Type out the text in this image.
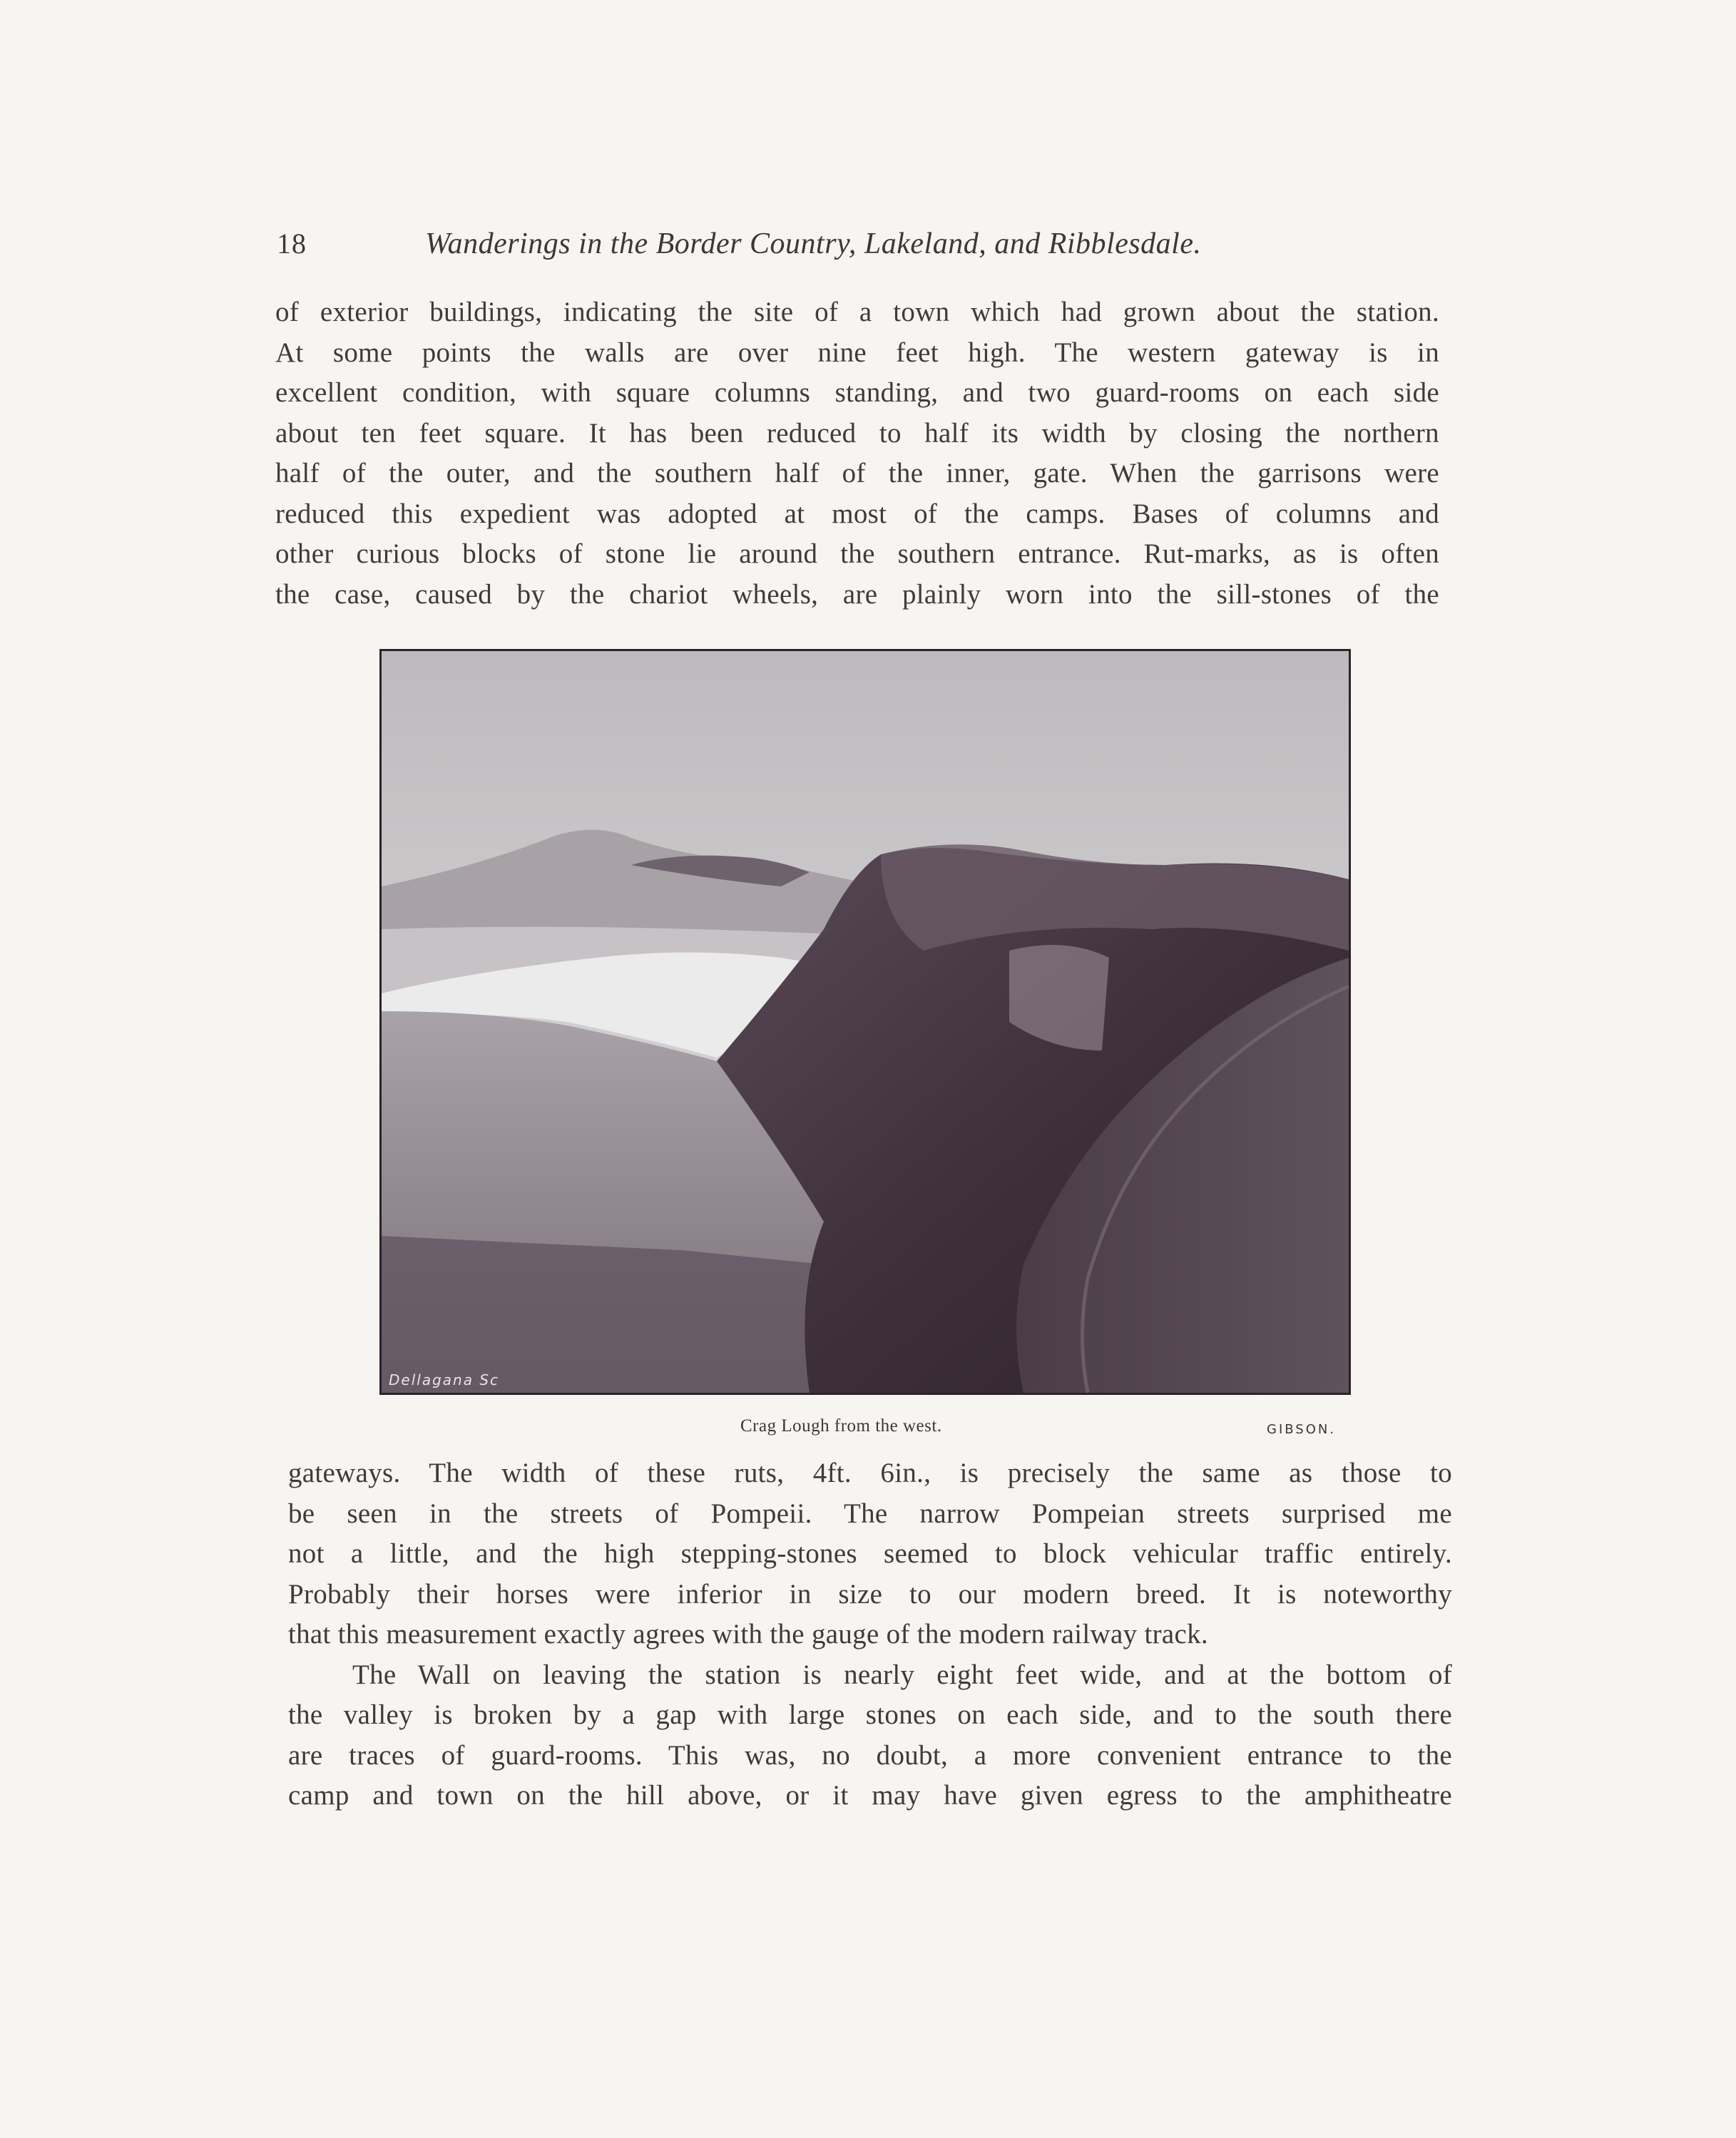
18	Wanderings in the Border Country, Lakeland, and Ribblesdale.
of exterior buildings, indicating the site of a town which had grown about the station.
At some points the walls are over nine feet high. The western gateway is in
excellent condition, with square columns standing, and two guard-rooms on each side
about ten feet square. It has been reduced to half its width by closing the northern
half of the outer, and the southern half of the inner, gate. When the garrisons were
reduced this expedient was adopted at most of the camps. Bases of columns and
other curious blocks of stone lie around the southern entrance. Rut-marks, as is often
the case, caused by the chariot wheels, are plainly worn into the sill-stones of the
Dellagana Sc
Crag Lough from the west.	GIBSON.
gateways. The width of these ruts, 4ft. 6in., is precisely the same as those to
be seen in the streets of Pompeii. The narrow Pompeian streets surprised me
not a little, and the high stepping-stones seemed to block vehicular traffic entirely.
Probably their horses were inferior in size to our modern breed. It is noteworthy
that this measurement exactly agrees with the gauge of the modern railway track.
The Wall on leaving the station is nearly eight feet wide, and at the bottom of
the valley is broken by a gap with large stones on each side, and to the south there
are traces of guard-rooms. This was, no doubt, a more convenient entrance to the
camp and town on the hill above, or it may have given egress to the amphitheatre
